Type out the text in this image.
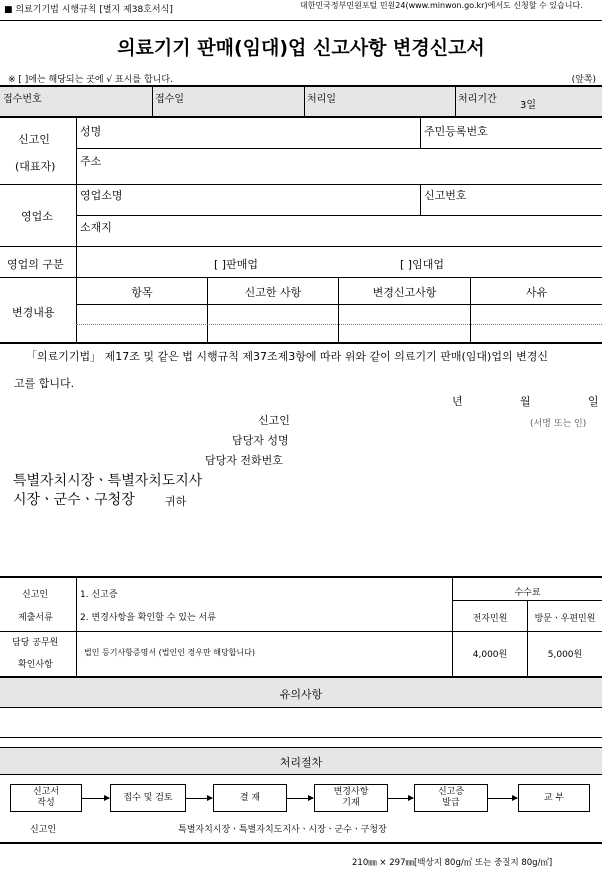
■ 의료기기법 시행규칙 [별지 제38호서식]	대한민국정부민원포털 민원24(www.minwon.go.kr)에서도 신청할 수 있습니다.
의료기기 판매(임대)업 신고사항 변경신고서
※ [ ]에는 해당되는 곳에 √ 표시를 합니다.	(앞쪽)
접수번호	접수일	처리일	처리기간
3일
신고인
(대표자)
성명	주민등록번호
주소
영업소
영업소명	신고번호
소재지
영업의 구분	[ ]판매업	[ ]임대업
변경내용
항목	신고한 사항	변경신고사항	사유
「의료기기법」 제17조 및 같은 법 시행규칙 제37조제3항에 따라 위와 같이 의료기기 판매(임대)업의 변경신
고를 합니다.
년	월	일
신고인	(서명 또는 인)
담당자 성명
담당자 전화번호
특별자치시장ㆍ특별자치도지사
시장ㆍ군수ㆍ구청장	귀하
신고인
제출서류
1. 신고증
2. 변경사항을 확인할 수 있는 서류
수수료
전자민원	방문ㆍ우편민원
담당 공무원
확인사항
법인 등기사항증명서 (법인인 경우만 해당합니다)	4,000원	5,000원
유의사항
처리절차
신고서
작성
접수 및 검토	결 재
변경사항
기재
신고증
발급
교 부
신고인	특별자치시장ㆍ특별자치도지사ㆍ시장ㆍ군수ㆍ구청장
210㎜ × 297㎜[백상지 80g/㎡ 또는 중질지 80g/㎡]
